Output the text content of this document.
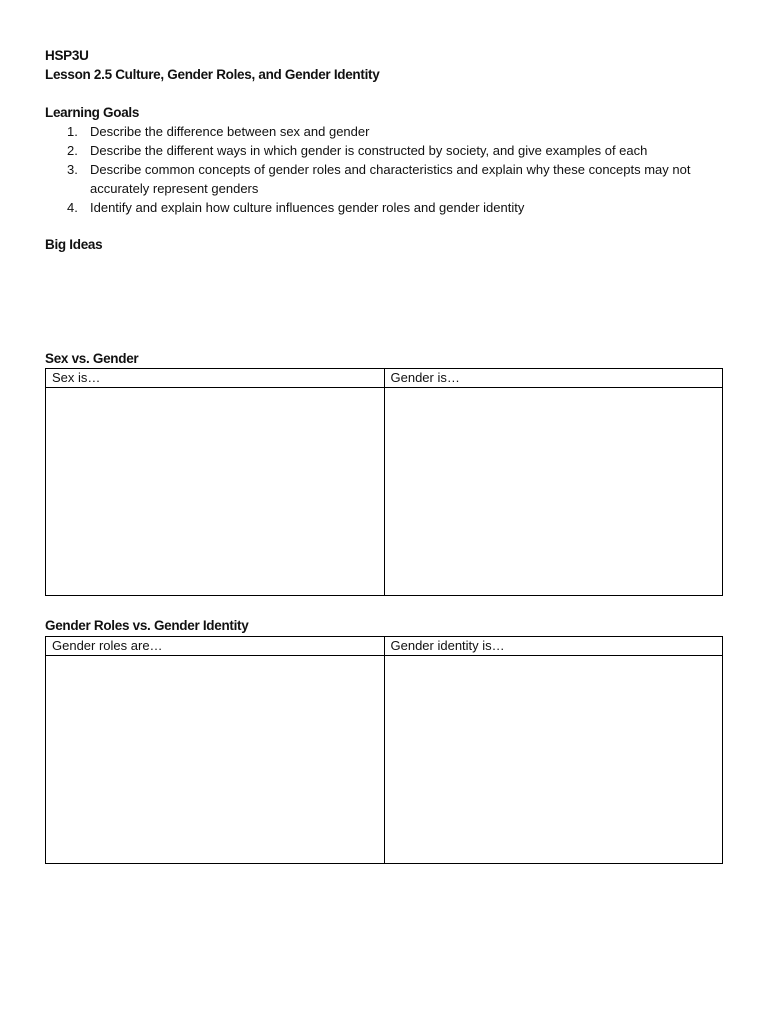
HSP3U
Lesson 2.5 Culture, Gender Roles, and Gender Identity
Learning Goals
1. Describe the difference between sex and gender
2. Describe the different ways in which gender is constructed by society, and give examples of each
3. Describe common concepts of gender roles and characteristics and explain why these concepts may not accurately represent genders
4. Identify and explain how culture influences gender roles and gender identity
Big Ideas
Sex vs. Gender
Sex is…	Gender is…

Gender Roles vs. Gender Identity
Gender roles are…	Gender identity is…
